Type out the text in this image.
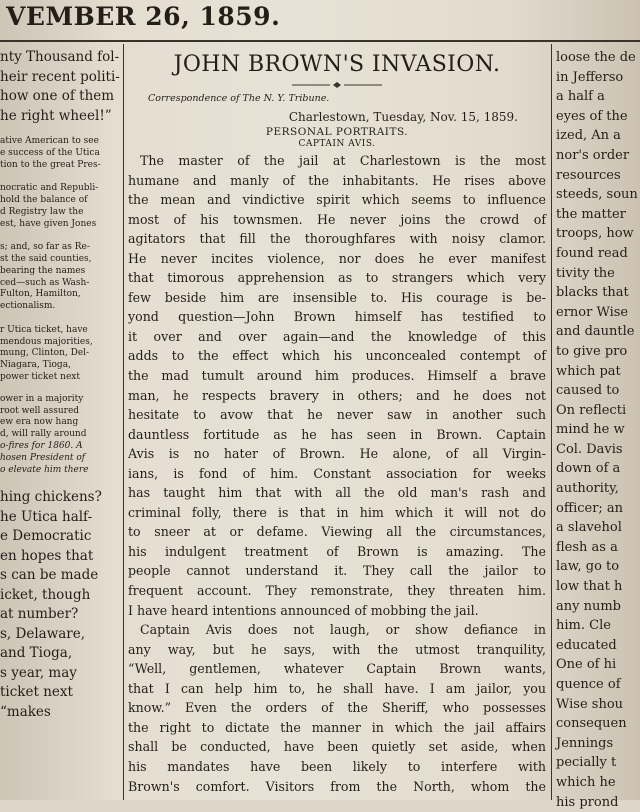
VEMBER 26, 1859.
nty Thousand fol-
heir recent politi-
how one of them
he right wheel!”
ative American to see
e success of the Utica
tion to the great Pres-

nocratic and Republi-
hold the balance of
d Registry law the
est, have given Jones

s; and, so far as Re-
st the said counties,
bearing the names
ced—such as Wash-
Fulton, Hamilton,
ectionalism.

r Utica ticket, have
mendous majorities,
mung, Clinton, Del-
Niagara, Tioga,
power ticket next
ower in a majority
root well assured
ew era now hang
d, will rally around
o-fires for 1860. A
hosen President of
o elevate him there
hing chickens?
he Utica half-
e Democratic
en hopes that
s can be made
icket, though
at number?
s, Delaware,
and Tioga,
s year, may
ticket next
“makes
JOHN BROWN'S INVASION.
Correspondence of The N. Y. Tribune.
Charlestown, Tuesday, Nov. 15, 1859.
PERSONAL PORTRAITS.
CAPTAIN AVIS.
The master of the jail at Charlestown is the most
humane and manly of the inhabitants. He rises above
the mean and vindictive spirit which seems to influence
most of his townsmen. He never joins the crowd of
agitators that fill the thoroughfares with noisy clamor.
He never incites violence, nor does he ever manifest
that timorous apprehension as to strangers which very
few beside him are insensible to. His courage is be-
yond question—John Brown himself has testified to
it over and over again—and the knowledge of this
adds to the effect which his unconcealed contempt of
the mad tumult around him produces. Himself a brave
man, he respects bravery in others; and he does not
hesitate to avow that he never saw in another such
dauntless fortitude as he has seen in Brown. Captain
Avis is no hater of Brown. He alone, of all Virgin-
ians, is fond of him. Constant association for weeks
has taught him that with all the old man's rash and
criminal folly, there is that in him which it will not do
to sneer at or defame. Viewing all the circumstances,
his indulgent treatment of Brown is amazing. The
people cannot understand it. They call the jailor to
frequent account. They remonstrate, they threaten him.
I have heard intentions announced of mobbing the jail.
Captain Avis does not laugh, or show defiance in
any way, but he says, with the utmost tranquility,
“Well, gentlemen, whatever Captain Brown wants,
that I can help him to, he shall have. I am jailor, you
know.” Even the orders of the Sheriff, who possesses
the right to dictate the manner in which the jail affairs
shall be conducted, have been quietly set aside, when
his mandates have been likely to interfere with
Brown's comfort. Visitors from the North, whom the
loose the de
in Jefferso
a half a
eyes of the
ized, An a
nor's order
resources
steeds, soun
the matter
troops, how
found read
tivity the
blacks that
ernor Wise
and dauntle
to give pro
which pat
caused to
On reflecti
mind he w
Col. Davis
down of a
authority,
officer; an
a slavehol
flesh as a
law, go to
low that h
any numb
him. Cle
educated
One of hi
quence of
Wise shou
consequen
Jennings
pecially t
which he
his prond
